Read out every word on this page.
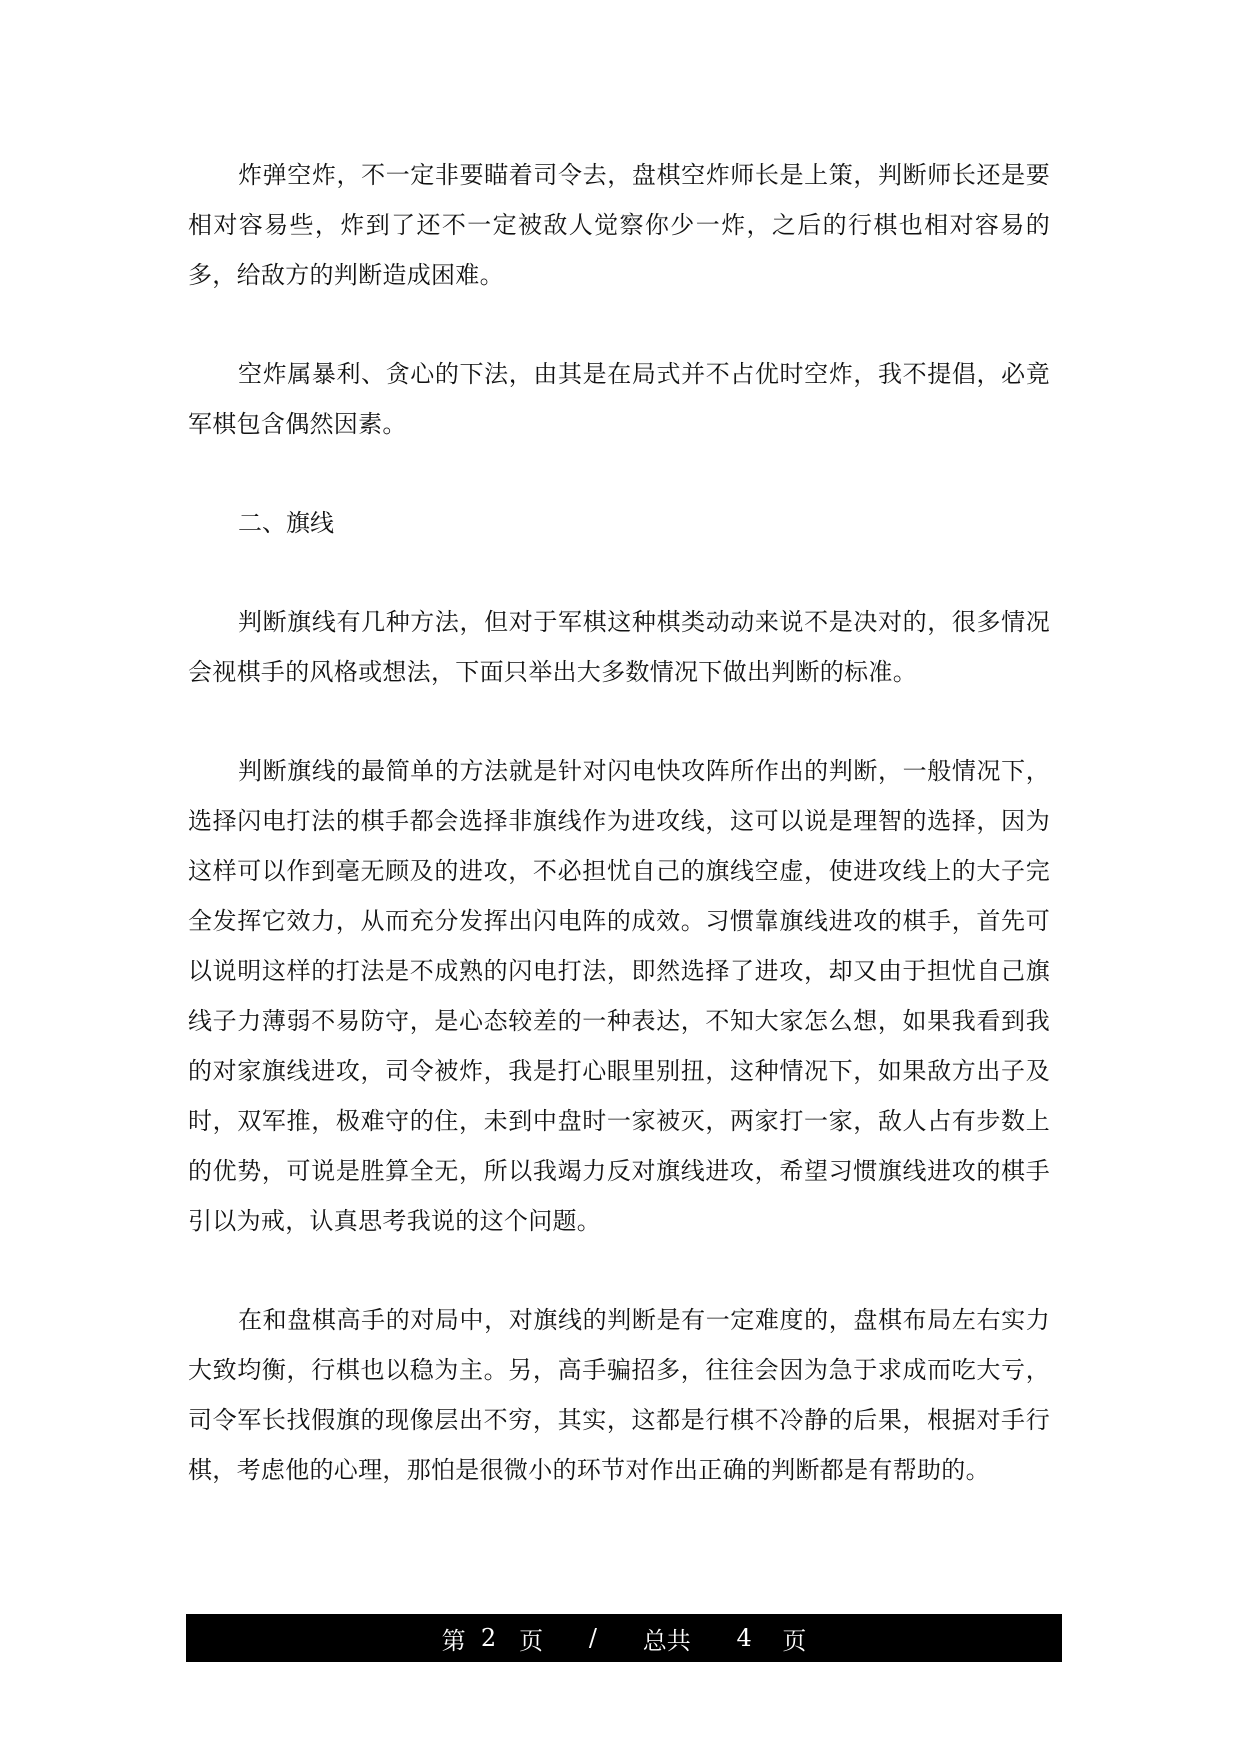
炸弹空炸，不一定非要瞄着司令去，盘棋空炸师长是上策，判断师长还是要相对容易些，炸到了还不一定被敌人觉察你少一炸，之后的行棋也相对容易的多，给敌方的判断造成困难。

空炸属暴利、贪心的下法，由其是在局式并不占优时空炸，我不提倡，必竟军棋包含偶然因素。

二、旗线

判断旗线有几种方法，但对于军棋这种棋类动动来说不是决对的，很多情况会视棋手的风格或想法，下面只举出大多数情况下做出判断的标准。

判断旗线的最简单的方法就是针对闪电快攻阵所作出的判断，一般情况下，选择闪电打法的棋手都会选择非旗线作为进攻线，这可以说是理智的选择，因为这样可以作到毫无顾及的进攻，不必担忧自己的旗线空虚，使进攻线上的大子完全发挥它效力，从而充分发挥出闪电阵的成效。习惯靠旗线进攻的棋手，首先可以说明这样的打法是不成熟的闪电打法，即然选择了进攻，却又由于担忧自己旗线子力薄弱不易防守，是心态较差的一种表达，不知大家怎么想，如果我看到我的对家旗线进攻，司令被炸，我是打心眼里别扭，这种情况下，如果敌方出子及时，双军推，极难守的住，未到中盘时一家被灭，两家打一家，敌人占有步数上的优势，可说是胜算全无，所以我竭力反对旗线进攻，希望习惯旗线进攻的棋手引以为戒，认真思考我说的这个问题。

在和盘棋高手的对局中，对旗线的判断是有一定难度的，盘棋布局左右实力大致均衡，行棋也以稳为主。另，高手骗招多，往往会因为急于求成而吃大亏，司令军长找假旗的现像层出不穷，其实，这都是行棋不冷静的后果，根据对手行棋，考虑他的心理，那怕是很微小的环节对作出正确的判断都是有帮助的。

第
2
页
/
总共
4
页
